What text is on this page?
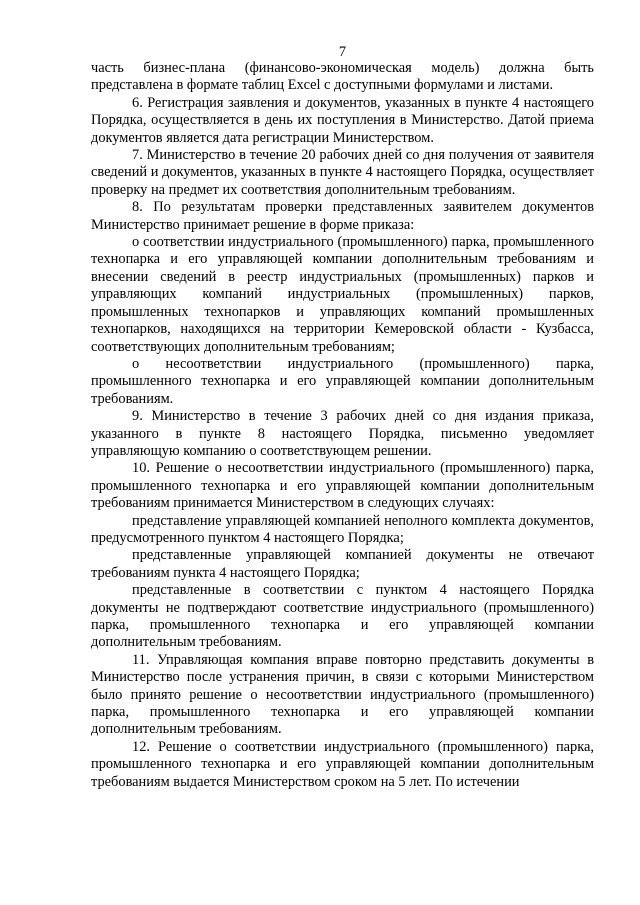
7

часть бизнес-плана (финансово-экономическая модель) должна быть представлена в формате таблиц Excel с доступными формулами и листами.

6. Регистрация заявления и документов, указанных в пункте 4 настоящего Порядка, осуществляется в день их поступления в Министерство. Датой приема документов является дата регистрации Министерством.

7. Министерство в течение 20 рабочих дней со дня получения от заявителя сведений и документов, указанных в пункте 4 настоящего Порядка, осуществляет проверку на предмет их соответствия дополнительным требованиям.

8. По результатам проверки представленных заявителем документов Министерство принимает решение в форме приказа:

о соответствии индустриального (промышленного) парка, промышленного технопарка и его управляющей компании дополнительным требованиям и внесении сведений в реестр индустриальных (промышленных) парков и управляющих компаний индустриальных (промышленных) парков, промышленных технопарков и управляющих компаний промышленных технопарков, находящихся на территории Кемеровской области - Кузбасса, соответствующих дополнительным требованиям;

о несоответствии индустриального (промышленного) парка, промышленного технопарка и его управляющей компании дополнительным требованиям.

9. Министерство в течение 3 рабочих дней со дня издания приказа, указанного в пункте 8 настоящего Порядка, письменно уведомляет управляющую компанию о соответствующем решении.

10. Решение о несоответствии индустриального (промышленного) парка, промышленного технопарка и его управляющей компании дополнительным требованиям принимается Министерством в следующих случаях:

представление управляющей компанией неполного комплекта документов, предусмотренного пунктом 4 настоящего Порядка;

представленные управляющей компанией документы не отвечают требованиям пункта 4 настоящего Порядка;

представленные в соответствии с пунктом 4 настоящего Порядка документы не подтверждают соответствие индустриального (промышленного) парка, промышленного технопарка и его управляющей компании дополнительным требованиям.

11. Управляющая компания вправе повторно представить документы в Министерство после устранения причин, в связи с которыми Министерством было принято решение о несоответствии индустриального (промышленного) парка, промышленного технопарка и его управляющей компании дополнительным требованиям.

12. Решение о соответствии индустриального (промышленного) парка, промышленного технопарка и его управляющей компании дополнительным требованиям выдается Министерством сроком на 5 лет. По истечении
